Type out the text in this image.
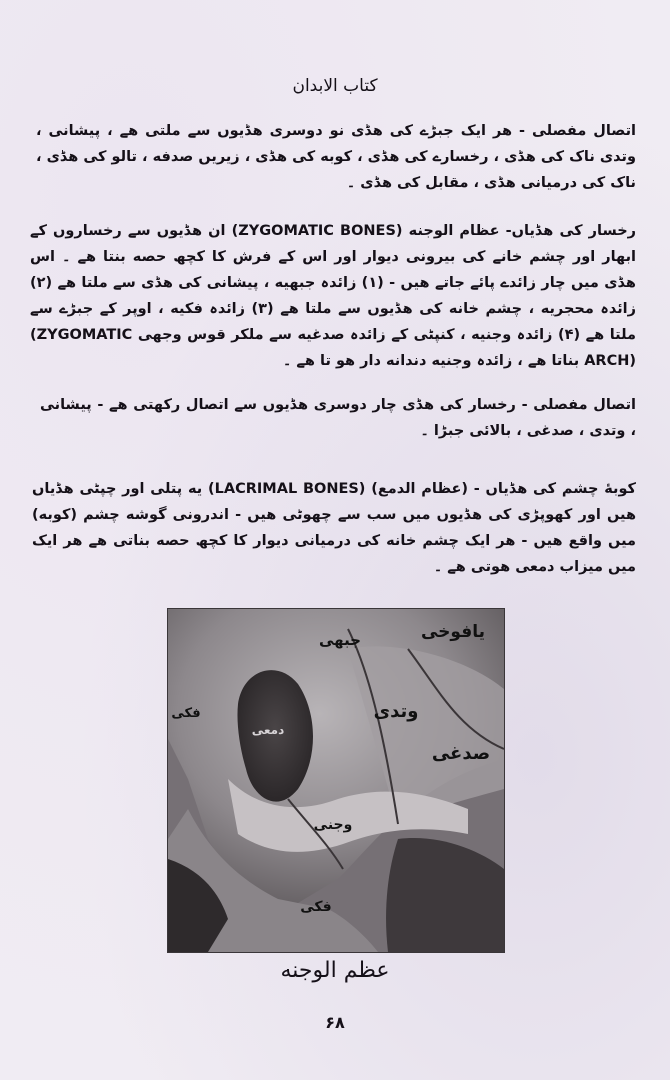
کتاب الابدان
اتصال مفصلی - ھر ایک جبڑے کی ھڈی نو دوسری ھڈیوں سے ملتی ھے ، پیشانی ، وتدی ناک کی ھڈی ، رخسارے کی ھڈی ، کوبه کی ھڈی ، زیریں صدفه ، تالو کی ھڈی ، ناک کی درمیانی ھڈی ، مقابل کی ھڈی ۔
رخسار کی ھڈیاں- عظام الوجنه (ZYGOMATIC BONES) ان ھڈیوں سے رخساروں کے ابھار اور چشم خانے کی بیرونی دیوار اور اس کے فرش کا کچھ حصه بنتا ھے ۔ اس ھڈی میں چار زائدے پائے جاتے ھیں - (۱) زائدہ جبھیه ، پیشانی کی ھڈی سے ملتا ھے (۲) زائدہ محجریه ، چشم خانه کی ھڈیوں سے ملتا ھے (۳) زائدہ فکیه ، اوپر کے جبڑے سے ملتا ھے (۴) زائدہ وجنیه ، کنپٹی کے زائدہ صدغیه سے ملکر قوس وجھی (ZYGOMATIC ARCH) بناتا ھے ، زائدہ وجنیه دندانه دار ھو تا ھے ۔
اتصال مفصلی - رخسار کی ھڈی چار دوسری ھڈیوں سے اتصال رکھتی ھے - پیشانی ، وتدی ، صدغی ، بالائی جبڑا ۔
کوبهٔ چشم کی ھڈیاں - (عظام الدمع) (LACRIMAL BONES) یه پتلی اور چپٹی ھڈیاں ھیں اور کھوپڑی کی ھڈیوں میں سب سے چھوٹی ھیں - اندرونی گوشه چشم (کوبه) میں واقع ھیں - ھر ایک چشم خانه کی درمیانی دیوار کا کچھ حصه بناتی ھے ھر ایک میں میزاب دمعی ھوتی ھے ۔
یافوخی
جبھی
وتدی
صدغی
وجنی
فکی
فکی
دمعی
عظم الوجنه
۶۸
